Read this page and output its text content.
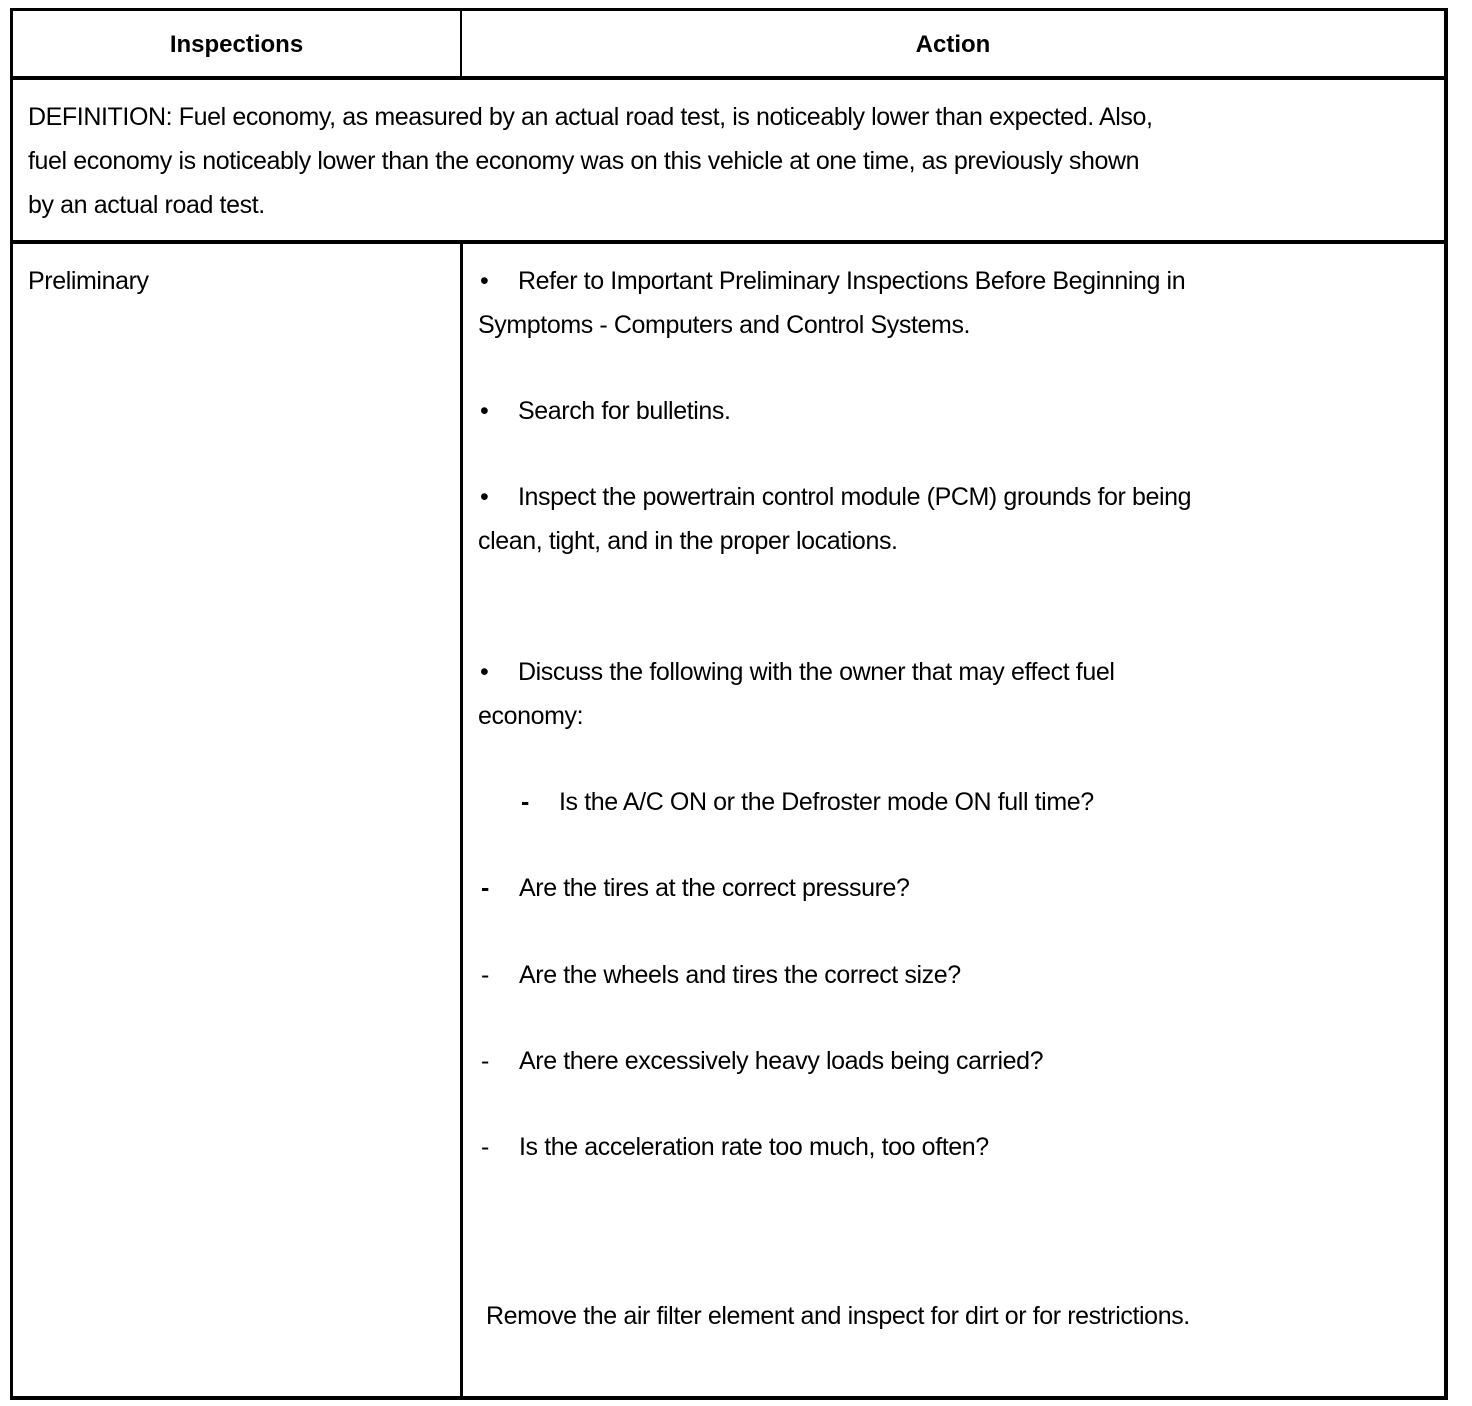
Inspections	Action
DEFINITION: Fuel economy, as measured by an actual road test, is noticeably lower than expected. Also,
fuel economy is noticeably lower than the economy was on this vehicle at one time, as previously shown
by an actual road test.
Preliminary	• Refer to Important Preliminary Inspections Before Beginning in
Symptoms - Computers and Control Systems.
• Search for bulletins.
• Inspect the powertrain control module (PCM) grounds for being
clean, tight, and in the proper locations.
• Discuss the following with the owner that may effect fuel
economy:
- Is the A/C ON or the Defroster mode ON full time?
- Are the tires at the correct pressure?
- Are the wheels and tires the correct size?
- Are there excessively heavy loads being carried?
- Is the acceleration rate too much, too often?
Remove the air filter element and inspect for dirt or for restrictions.
